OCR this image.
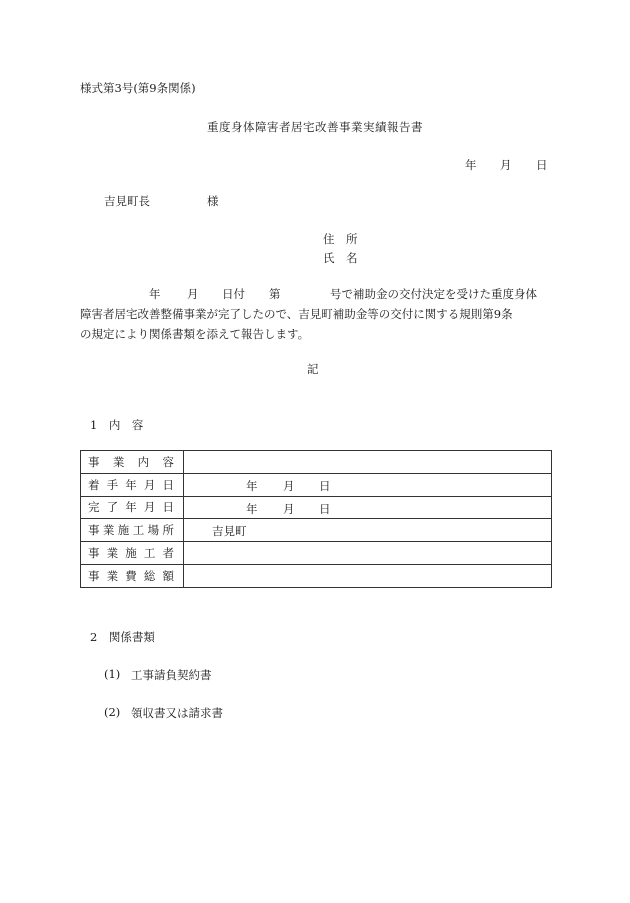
様式第3号(第9条関係)
重度身体障害者居宅改善事業実績報告書
年 月 日
吉見町長	様
住　所
氏　名
年 月 日付 第	号で補助金の交付決定を受けた重度身体
障害者居宅改善整備事業が完了したので、吉見町補助金等の交付に関する規則第9条
の規定により関係書類を添えて報告します。
記
1　内　容
事業内容	
着手年月日	年 月 日

完了年月日	年 月 日

事業施工場所	吉見町

事業施工者	
事業費総額	
2　関係書類
(1) 工事請負契約書
(2) 領収書又は請求書
